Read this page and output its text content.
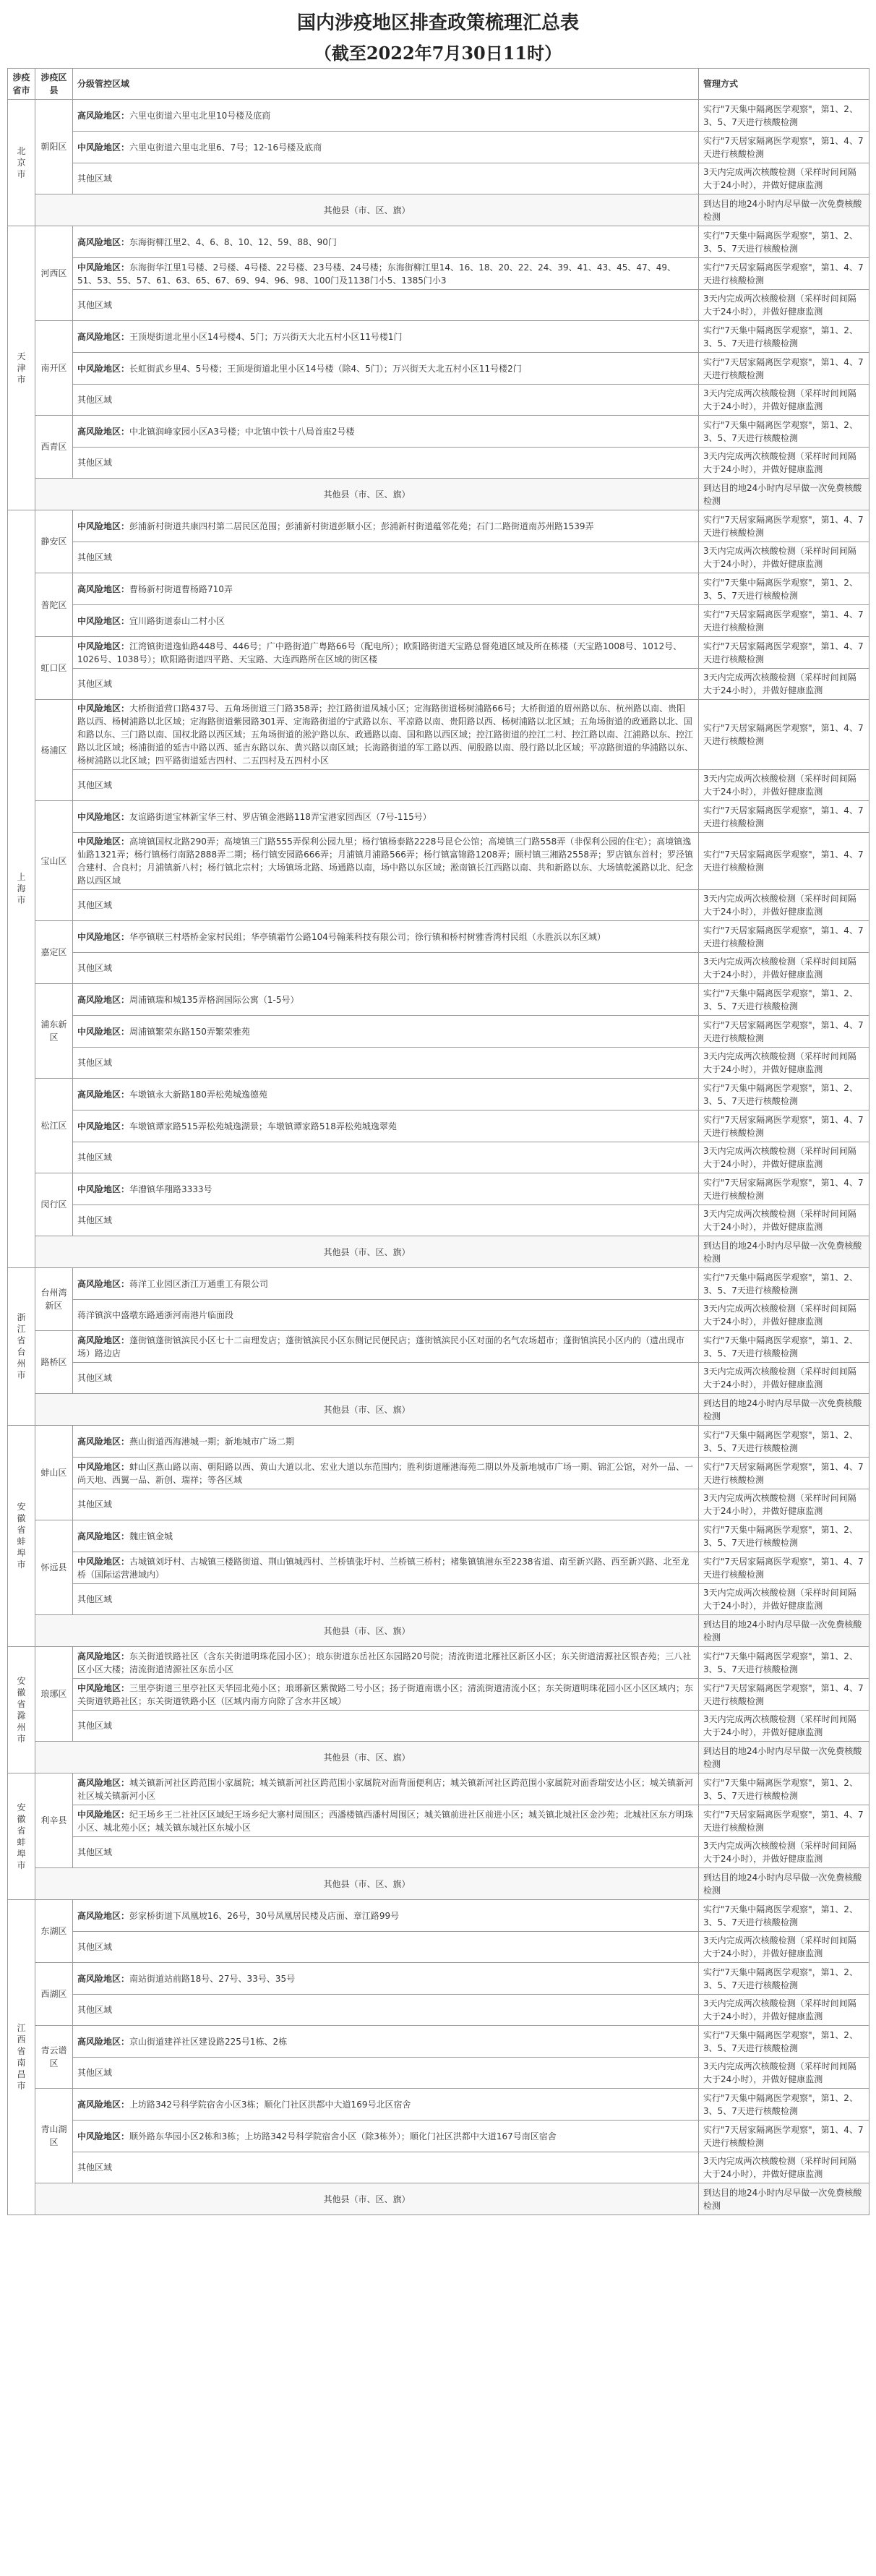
国内涉疫地区排查政策梳理汇总表
（截至2022年7月30日11时）
涉疫省市	涉疫区县	分级管控区域	管理方式
北京市	朝阳区	高风险地区：六里屯街道六里屯北里10号楼及底商	实行"7天集中隔离医学观察"，第1、2、3、5、7天进行核酸检测
		中风险地区：六里屯街道六里屯北里6、7号；12-16号楼及底商	实行"7天居家隔离医学观察"，第1、4、7天进行核酸检测
		其他区域	3天内完成两次核酸检测（采样时间间隔大于24小时），并做好健康监测
	其他县（市、区、旗）		到达目的地24小时内尽早做一次免费核酸检测
天津市	河西区	高风险地区：东海街柳江里2、4、6、8、10、12、59、88、90门	实行"7天集中隔离医学观察"，第1、2、3、5、7天进行核酸检测
		中风险地区：东海街华江里1号楼、2号楼、4号楼、22号楼、23号楼、24号楼；东海街柳江里14、16、18、20、22、24、39、41、43、45、47、49、51、53、55、57、61、63、65、67、69、94、96、98、100门及1138门小5、1385门小3	实行"7天居家隔离医学观察"，第1、4、7天进行核酸检测
		其他区域	3天内完成两次核酸检测（采样时间间隔大于24小时），并做好健康监测
	南开区	高风险地区：王顶堤街道北里小区14号楼4、5门；万兴街天大北五村小区11号楼1门	实行"7天集中隔离医学观察"，第1、2、3、5、7天进行核酸检测
		中风险地区：长虹街武乡里4、5号楼；王顶堤街道北里小区14号楼（除4、5门）；万兴街天大北五村小区11号楼2门	实行"7天居家隔离医学观察"，第1、4、7天进行核酸检测
		其他区域	3天内完成两次核酸检测（采样时间间隔大于24小时），并做好健康监测
	西青区	高风险地区：中北镇润峰家园小区A3号楼；中北镇中铁十八局首座2号楼	实行"7天集中隔离医学观察"，第1、2、3、5、7天进行核酸检测
		其他区域	3天内完成两次核酸检测（采样时间间隔大于24小时），并做好健康监测
	其他县（市、区、旗）		到达目的地24小时内尽早做一次免费核酸检测
上海市	静安区	中风险地区：彭浦新村街道共康四村第二居民区范围；彭浦新村街道彭顺小区；彭浦新村街道蕴邻花苑；石门二路街道南苏州路1539弄	实行"7天居家隔离医学观察"，第1、4、7天进行核酸检测
		其他区域	3天内完成两次核酸检测（采样时间间隔大于24小时），并做好健康监测
	普陀区	高风险地区：曹杨新村街道曹杨路710弄	实行"7天集中隔离医学观察"，第1、2、3、5、7天进行核酸检测
		中风险地区：宜川路街道泰山二村小区	实行"7天居家隔离医学观察"，第1、4、7天进行核酸检测
	虹口区	中风险地区：江湾镇街道逸仙路448号、446号；广中路街道广粤路66号（配电所）；欧阳路街道天宝路总督苑道区域及所在栋楼（天宝路1008号、1012号、1026号、1038号）；欧阳路街道四平路、天宝路、大连西路所在区域的街区楼	实行"7天居家隔离医学观察"，第1、4、7天进行核酸检测
		其他区域	3天内完成两次核酸检测（采样时间间隔大于24小时），并做好健康监测
	杨浦区	中风险地区：大桥街道营口路437号、五角场街道三门路358弄；控江路街道凤城小区；定海路街道杨树浦路66号；大桥街道的眉州路以东、杭州路以南、贵阳路以西、杨树浦路以北区域；定海路街道紫园路301弄、定海路街道的宁武路以东、平凉路以南、贵阳路以西、杨树浦路以北区域；五角场街道的政通路以北、国和路以东、三门路以南、国权北路以西区域；五角场街道的淞沪路以东、政通路以南、国和路以西区域；控江路街道的控江二村、控江路以南、江浦路以东、控江路以北区域；杨浦街道的延吉中路以西、延吉东路以东、黄兴路以南区域；长海路街道的军工路以西、闸殷路以南、殷行路以北区域；平凉路街道的华浦路以东、杨树浦路以北区域；四平路街道延吉四村、二五四村及五四村小区	实行"7天居家隔离医学观察"，第1、4、7天进行核酸检测
		其他区域	3天内完成两次核酸检测（采样时间间隔大于24小时），并做好健康监测
	宝山区	中风险地区：友谊路街道宝林新宝华三村、罗店镇金港路118弄宝港家园西区（7号-115号）	实行"7天居家隔离医学观察"，第1、4、7天进行核酸检测
		中风险地区：高境镇国权北路290弄；高境镇三门路555弄保利公园九里；杨行镇杨泰路2228号昆仑公馆；高境镇三门路558弄（非保利公园的住宅）；高境镇逸仙路1321弄；杨行镇杨行南路2888弄二期；杨行镇安园路666弄；月浦镇月浦路566弄；杨行镇富锦路1208弄；顾村镇三湘路2558弄；罗店镇东首村；罗泾镇合建村、合良村；月浦镇新八村；杨行镇北宗村；大场镇场北路、场通路以南，场中路以东区域；淞南镇长江西路以南、共和新路以东、大场镇乾溪路以北、纪念路以西区域	实行"7天居家隔离医学观察"，第1、4、7天进行核酸检测
		其他区域	3天内完成两次核酸检测（采样时间间隔大于24小时），并做好健康监测
	嘉定区	中风险地区：华亭镇联三村塔桥金家村民组；华亭镇霜竹公路104号翰莱科技有限公司；徐行镇和桥村树雅香湾村民组（永胜浜以东区域）	实行"7天居家隔离医学观察"，第1、4、7天进行核酸检测
		其他区域	3天内完成两次核酸检测（采样时间间隔大于24小时），并做好健康监测
	浦东新区	高风险地区：周浦镇瑞和城135弄格润国际公寓（1-5号）	实行"7天集中隔离医学观察"，第1、2、3、5、7天进行核酸检测
		中风险地区：周浦镇繁荣东路150弄繁荣雅苑	实行"7天居家隔离医学观察"，第1、4、7天进行核酸检测
		其他区域	3天内完成两次核酸检测（采样时间间隔大于24小时），并做好健康监测
	松江区	高风险地区：车墩镇永大新路180弄松苑城逸德苑	实行"7天集中隔离医学观察"，第1、2、3、5、7天进行核酸检测
		中风险地区：车墩镇谭家路515弄松苑城逸湖景；车墩镇谭家路518弄松苑城逸翠苑	实行"7天居家隔离医学观察"，第1、4、7天进行核酸检测
		其他区域	3天内完成两次核酸检测（采样时间间隔大于24小时），并做好健康监测
	闵行区	中风险地区：华漕镇华翔路3333号	实行"7天居家隔离医学观察"，第1、4、7天进行核酸检测
		其他区域	3天内完成两次核酸检测（采样时间间隔大于24小时），并做好健康监测
	其他县（市、区、旗）		到达目的地24小时内尽早做一次免费核酸检测
浙江省台州市	台州湾新区	高风险地区：蒋洋工业园区浙江万通重工有限公司	实行"7天集中隔离医学观察"，第1、2、3、5、7天进行核酸检测
		蒋洋镇滨中盛墩东路通浙河南港片临面段	3天内完成两次核酸检测（采样时间间隔大于24小时），并做好健康监测
	路桥区	高风险地区：蓬街镇蓬街镇滨民小区七十二亩理发店；蓬街镇滨民小区东侧记民便民店；蓬街镇滨民小区对面的名气农场超市；蓬街镇滨民小区内的（遗出现市场）路边店	实行"7天集中隔离医学观察"，第1、2、3、5、7天进行核酸检测
		其他区域	3天内完成两次核酸检测（采样时间间隔大于24小时），并做好健康监测
	其他县（市、区、旗）		到达目的地24小时内尽早做一次免费核酸检测
安徽省蚌埠市	蚌山区	高风险地区：燕山街道西海港城一期；新地城市广场二期	实行"7天集中隔离医学观察"，第1、2、3、5、7天进行核酸检测
		中风险地区：蚌山区燕山路以南、朝阳路以西、黄山大道以北、宏业大道以东范围内；胜利街道雁港海苑二期以外及新地城市广场一期、锦汇公馆，对外一品、一尚天地、西翼一品、新创、瑞祥；等各区域	实行"7天居家隔离医学观察"，第1、4、7天进行核酸检测
		其他区域	3天内完成两次核酸检测（采样时间间隔大于24小时），并做好健康监测
	怀远县	高风险地区：魏庄镇金城	实行"7天集中隔离医学观察"，第1、2、3、5、7天进行核酸检测
		中风险地区：古城镇刘圩村、古城镇三楼路街道、荆山镇城西村、兰桥镇张圩村、兰桥镇三桥村；褚集镇镇港东至2238省道、南至新兴路、西至新兴路、北至龙桥（国际运营港域内）	实行"7天居家隔离医学观察"，第1、4、7天进行核酸检测
		其他区域	3天内完成两次核酸检测（采样时间间隔大于24小时），并做好健康监测
	其他县（市、区、旗）		到达目的地24小时内尽早做一次免费核酸检测
安徽省滁州市	琅琊区	高风险地区：东关街道铁路社区（含东关街道明珠花园小区）；琅东街道东岳社区东园路20号院；清流街道北雁社区新区小区；东关街道清源社区银杏苑；三八社区小区大楼；清流街道清源社区东岳小区	实行"7天集中隔离医学观察"，第1、2、3、5、7天进行核酸检测
		中风险地区：三里亭街道三里亭社区天华园北苑小区；琅琊新区紫微路二号小区；扬子街道南谯小区；清流街道清流小区；东关街道明珠花园小区小区区域内；东关街道铁路社区；东关街道铁路小区（区域内南方向除了含水井区域）	实行"7天居家隔离医学观察"，第1、4、7天进行核酸检测
		其他区域	3天内完成两次核酸检测（采样时间间隔大于24小时），并做好健康监测
	其他县（市、区、旗）		到达目的地24小时内尽早做一次免费核酸检测
安徽省蚌埠市	利辛县	高风险地区：城关镇新河社区跨范围小家属院；城关镇新河社区跨范围小家属院对面背面便利店；城关镇新河社区跨范围小家属院对面香瑞安达小区；城关镇新河社区城关镇新河小区	实行"7天集中隔离医学观察"，第1、2、3、5、7天进行核酸检测
		中风险地区：纪王场乡王二社社区区域纪王场乡纪大寨村周围区；西潘楼镇西潘村周围区；城关镇前进社区前进小区；城关镇北城社区金沙苑；北城社区东方明珠小区、城北苑小区；城关镇东城社区东城小区	实行"7天居家隔离医学观察"，第1、4、7天进行核酸检测
		其他区域	3天内完成两次核酸检测（采样时间间隔大于24小时），并做好健康监测
	其他县（市、区、旗）		到达目的地24小时内尽早做一次免费核酸检测
江西省南昌市	东湖区	高风险地区：彭家桥街道下凤凰坡16、26号，30号凤凰居民楼及店面、章江路99号	实行"7天集中隔离医学观察"，第1、2、3、5、7天进行核酸检测
		其他区域	3天内完成两次核酸检测（采样时间间隔大于24小时），并做好健康监测
	西湖区	高风险地区：南站街道站前路18号、27号、33号、35号	实行"7天集中隔离医学观察"，第1、2、3、5、7天进行核酸检测
		其他区域	3天内完成两次核酸检测（采样时间间隔大于24小时），并做好健康监测
	青云谱区	高风险地区：京山街道建祥社区建设路225号1栋、2栋	实行"7天集中隔离医学观察"，第1、2、3、5、7天进行核酸检测
		其他区域	3天内完成两次核酸检测（采样时间间隔大于24小时），并做好健康监测
	青山湖区	高风险地区：上坊路342号科学院宿舍小区3栋；顺化门社区洪都中大道169号北区宿舍	实行"7天集中隔离医学观察"，第1、2、3、5、7天进行核酸检测
		中风险地区：顺外路东华园小区2栋和3栋；上坊路342号科学院宿舍小区（除3栋外）；顺化门社区洪都中大道167号南区宿舍	实行"7天居家隔离医学观察"，第1、4、7天进行核酸检测
		其他区域	3天内完成两次核酸检测（采样时间间隔大于24小时），并做好健康监测
	其他县（市、区、旗）		到达目的地24小时内尽早做一次免费核酸检测
